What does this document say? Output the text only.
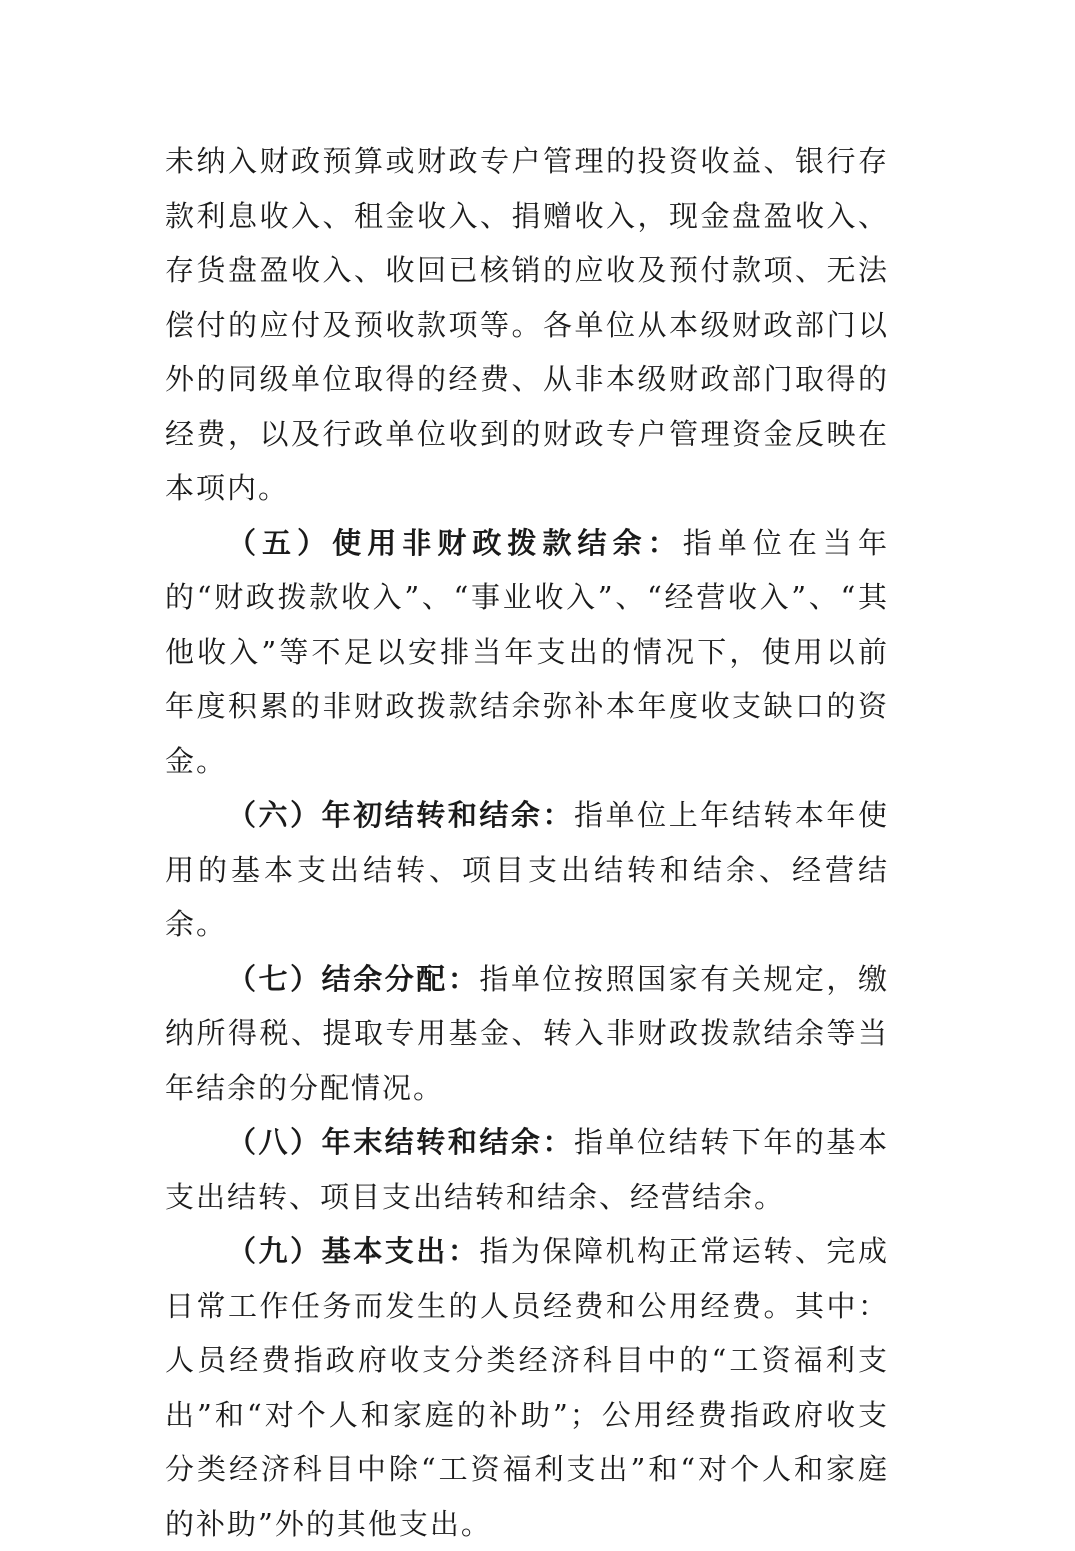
未纳入财政预算或财政专户管理的投资收益、银行存款利息收入、租金收入、捐赠收入，现金盘盈收入、存货盘盈收入、收回已核销的应收及预付款项、无法偿付的应付及预收款项等。各单位从本级财政部门以外的同级单位取得的经费、从非本级财政部门取得的经费，以及行政单位收到的财政专户管理资金反映在本项内。

（五）使用非财政拨款结余：指单位在当年的“财政拨款收入”、“事业收入”、“经营收入”、“其他收入”等不足以安排当年支出的情况下，使用以前年度积累的非财政拨款结余弥补本年度收支缺口的资金。

（六）年初结转和结余：指单位上年结转本年使用的基本支出结转、项目支出结转和结余、经营结余。

（七）结余分配：指单位按照国家有关规定，缴纳所得税、提取专用基金、转入非财政拨款结余等当年结余的分配情况。

（八）年末结转和结余：指单位结转下年的基本支出结转、项目支出结转和结余、经营结余。

（九）基本支出：指为保障机构正常运转、完成日常工作任务而发生的人员经费和公用经费。其中：人员经费指政府收支分类经济科目中的“工资福利支出”和“对个人和家庭的补助”；公用经费指政府收支分类经济科目中除“工资福利支出”和“对个人和家庭的补助”外的其他支出。
